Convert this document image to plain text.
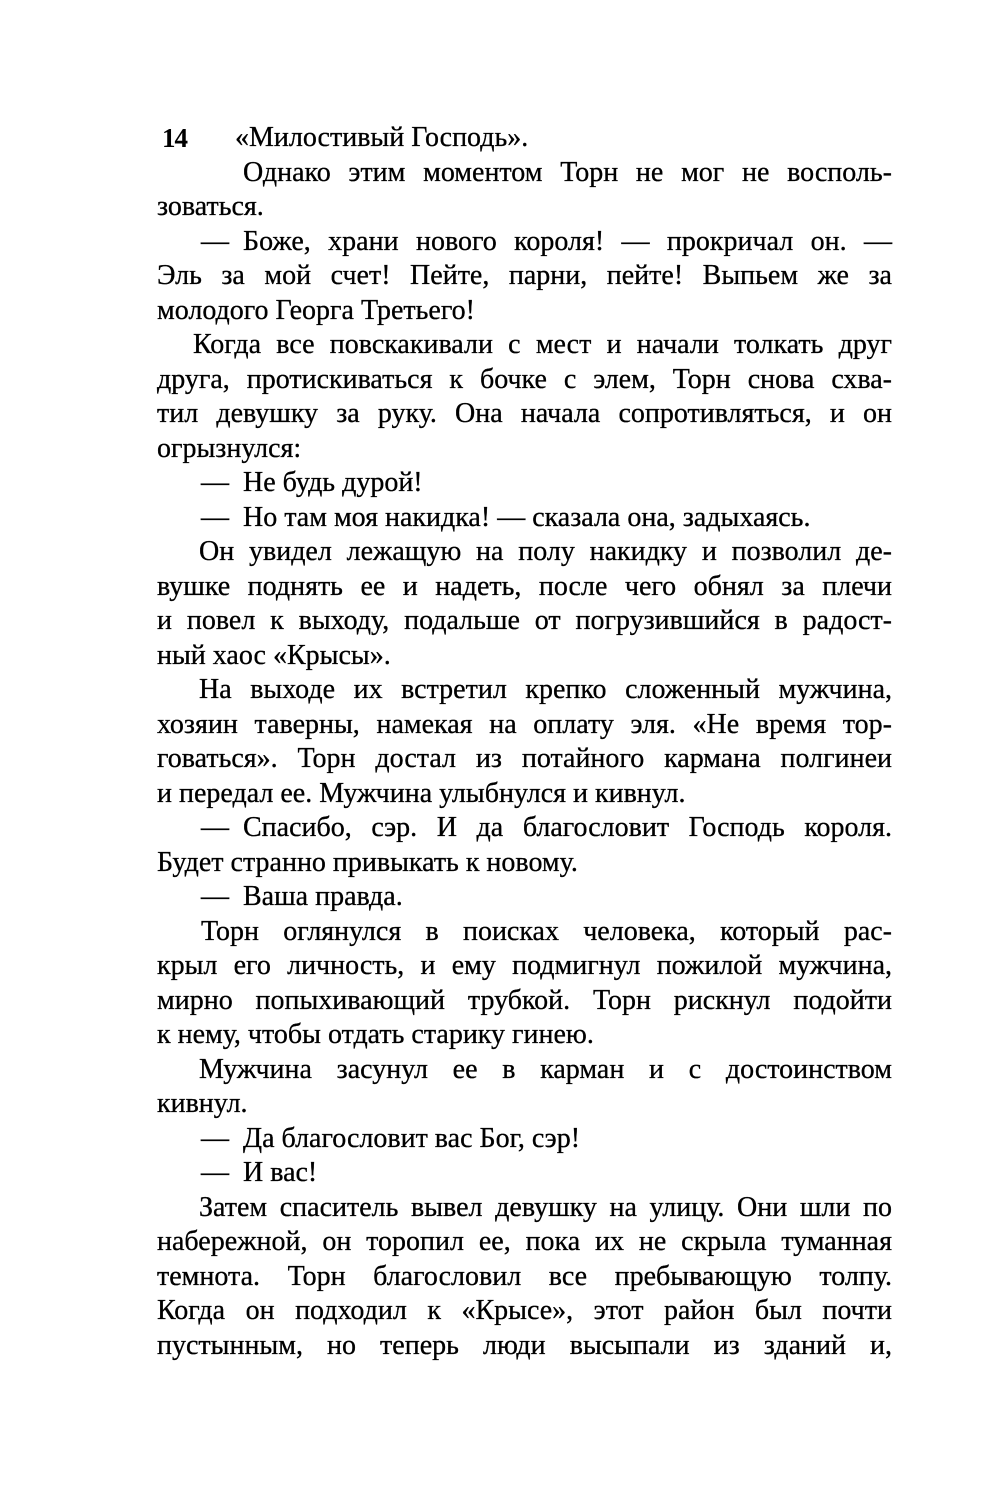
14	«Милостивый Господь».
Однако этим моментом Торн не мог не восполь-
зоваться.
— Боже, храни нового короля! — прокричал он. —
Эль за мой счет! Пейте, парни, пейте! Выпьем же за
молодого Георга Третьего!
Когда все повскакивали с мест и начали толкать друг
друга, протискиваться к бочке с элем, Торн снова схва-
тил девушку за руку. Она начала сопротивляться, и он
огрызнулся:
— Не будь дурой!
— Но там моя накидка! — сказала она, задыхаясь.
Он увидел лежащую на полу накидку и позволил де-
вушке поднять ее и надеть, после чего обнял за плечи
и повел к выходу, подальше от погрузившийся в радост-
ный хаос «Крысы».
На выходе их встретил крепко сложенный мужчина,
хозяин таверны, намекая на оплату эля. «Не время тор-
говаться». Торн достал из потайного кармана полгинеи
и передал ее. Мужчина улыбнулся и кивнул.
— Спасибо, сэр. И да благословит Господь короля.
Будет странно привыкать к новому.
— Ваша правда.
Торн оглянулся в поисках человека, который рас-
крыл его личность, и ему подмигнул пожилой мужчина,
мирно попыхивающий трубкой. Торн рискнул подойти
к нему, чтобы отдать старику гинею.
Мужчина засунул ее в карман и с достоинством
кивнул.
— Да благословит вас Бог, сэр!
— И вас!
Затем спаситель вывел девушку на улицу. Они шли по
набережной, он торопил ее, пока их не скрыла туманная
темнота. Торн благословил все пребывающую толпу.
Когда он подходил к «Крысе», этот район был почти
пустынным, но теперь люди высыпали из зданий и,
